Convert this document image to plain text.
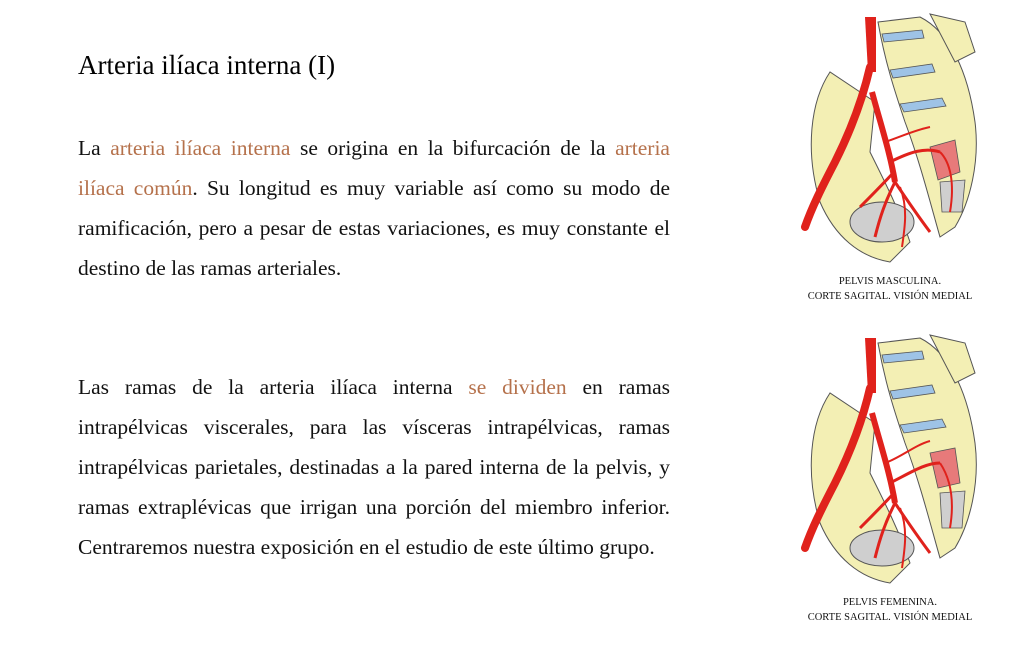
Arteria ilíaca interna (I)

La arteria ilíaca interna se origina en la bifurcación de la arteria ilíaca común. Su longitud es muy variable así como su modo de ramificación, pero a pesar de estas variaciones, es muy constante el destino de las ramas arteriales.

Las ramas de la arteria ilíaca interna se dividen en ramas intrapélvicas viscerales, para las vísceras intrapélvicas, ramas intrapélvicas parietales, destinadas a la pared interna de la pelvis, y ramas extraplévicas que irrigan una porción del miembro inferior. Centraremos nuestra exposición en el estudio de este último grupo.

PELVIS MASCULINA.
CORTE SAGITAL. VISIÓN MEDIAL
PELVIS FEMENINA.
CORTE SAGITAL. VISIÓN MEDIAL
